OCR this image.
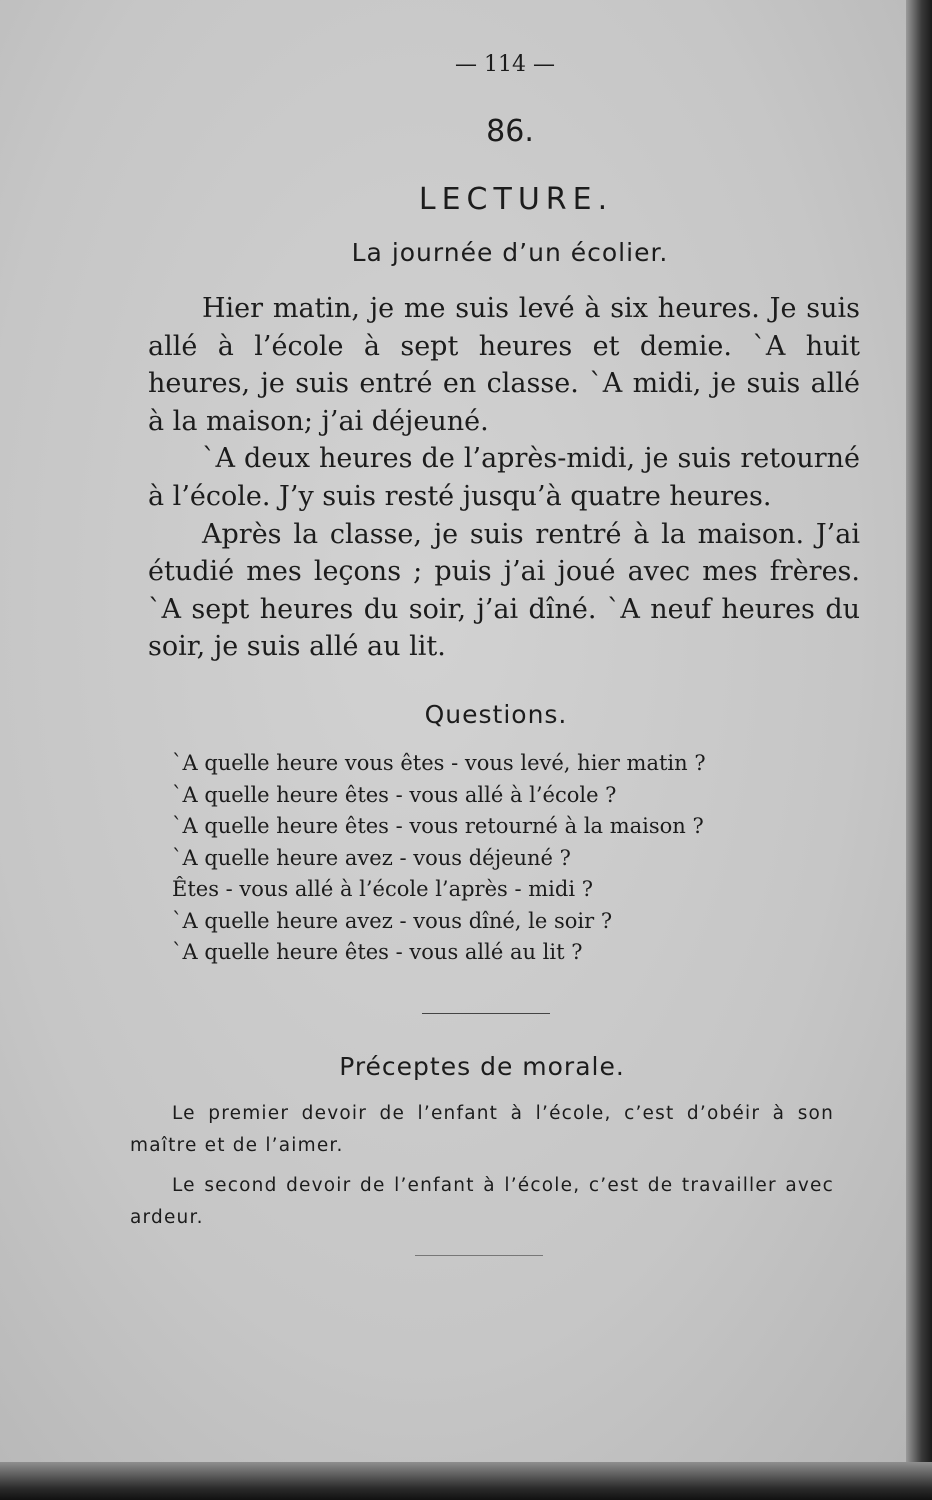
— 114 —
86.
LECTURE.
La journée d’un écolier.

Hier matin, je me suis levé à six heures. Je suis allé à l’école à sept heures et demie. `A huit heures, je suis entré en classe. `A midi, je suis allé à la maison; j’ai déjeuné.

`A deux heures de l’après-midi, je suis retourné à l’école. J’y suis resté jusqu’à quatre heures.

Après la classe, je suis rentré à la maison. J’ai étudié mes leçons ; puis j’ai joué avec mes frères. `A sept heures du soir, j’ai dîné. `A neuf heures du soir, je suis allé au lit.

Questions.
`A quelle heure vous êtes - vous levé, hier matin ?
`A quelle heure êtes - vous allé à l’école ?
`A quelle heure êtes - vous retourné à la maison ?
`A quelle heure avez - vous déjeuné ?
Êtes - vous allé à l’école l’après - midi ?
`A quelle heure avez - vous dîné, le soir ?
`A quelle heure êtes - vous allé au lit ?
Préceptes de morale.

Le premier devoir de l’enfant à l’école, c’est d’obéir à son maître et de l’aimer.

Le second devoir de l’enfant à l’école, c’est de travailler avec ardeur.
